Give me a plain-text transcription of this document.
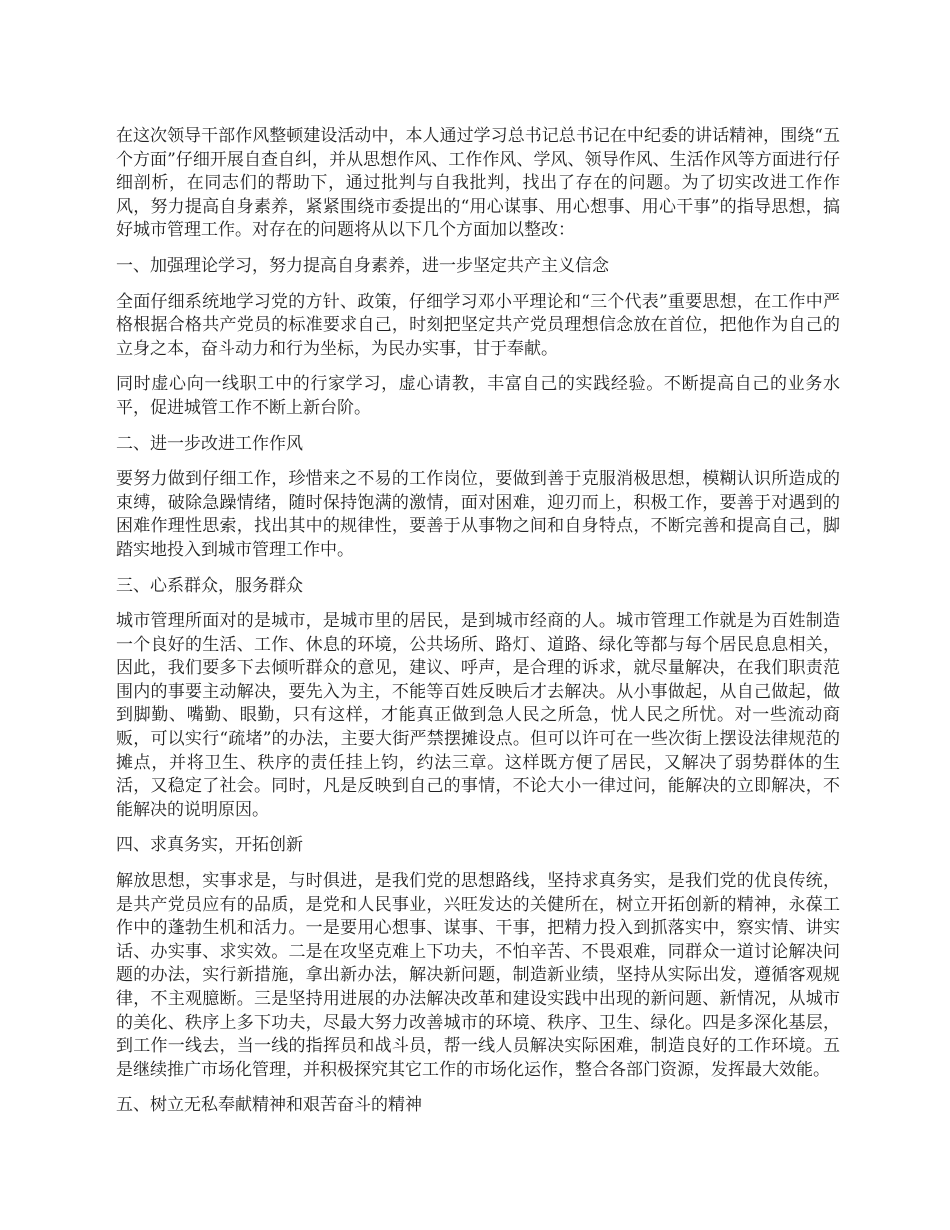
在这次领导干部作风整顿建设活动中，本人通过学习总书记总书记在中纪委的讲话精神，围绕“五个方面”仔细开展自查自纠，并从思想作风、工作作风、学风、领导作风、生活作风等方面进行仔细剖析，在同志们的帮助下，通过批判与自我批判，找出了存在的问题。为了切实改进工作作风，努力提高自身素养，紧紧围绕市委提出的“用心谋事、用心想事、用心干事”的指导思想，搞好城市管理工作。对存在的问题将从以下几个方面加以整改：

一、加强理论学习，努力提高自身素养，进一步坚定共产主义信念

全面仔细系统地学习党的方针、政策，仔细学习邓小平理论和“三个代表”重要思想，在工作中严格根据合格共产党员的标准要求自己，时刻把坚定共产党员理想信念放在首位，把他作为自己的立身之本，奋斗动力和行为坐标，为民办实事，甘于奉献。

同时虚心向一线职工中的行家学习，虚心请教，丰富自己的实践经验。不断提高自己的业务水平，促进城管工作不断上新台阶。

二、进一步改进工作作风

要努力做到仔细工作，珍惜来之不易的工作岗位，要做到善于克服消极思想，模糊认识所造成的束缚，破除急躁情绪，随时保持饱满的激情，面对困难，迎刃而上，积极工作，要善于对遇到的困难作理性思索，找出其中的规律性，要善于从事物之间和自身特点，不断完善和提高自己，脚踏实地投入到城市管理工作中。

三、心系群众，服务群众

城市管理所面对的是城市，是城市里的居民，是到城市经商的人。城市管理工作就是为百姓制造一个良好的生活、工作、休息的环境，公共场所、路灯、道路、绿化等都与每个居民息息相关，因此，我们要多下去倾听群众的意见，建议、呼声，是合理的诉求，就尽量解决，在我们职责范围内的事要主动解决，要先入为主，不能等百姓反映后才去解决。从小事做起，从自己做起，做到脚勤、嘴勤、眼勤，只有这样，才能真正做到急人民之所急，忧人民之所忧。对一些流动商贩，可以实行“疏堵”的办法，主要大街严禁摆摊设点。但可以许可在一些次街上摆设法律规范的摊点，并将卫生、秩序的责任挂上钧，约法三章。这样既方便了居民，又解决了弱势群体的生活，又稳定了社会。同时，凡是反映到自己的事情，不论大小一律过问，能解决的立即解决，不能解决的说明原因。

四、求真务实，开拓创新

解放思想，实事求是，与时俱进，是我们党的思想路线，坚持求真务实，是我们党的优良传统，是共产党员应有的品质，是党和人民事业，兴旺发达的关健所在，树立开拓创新的精神，永葆工作中的蓬勃生机和活力。一是要用心想事、谋事、干事，把精力投入到抓落实中，察实情、讲实话、办实事、求实效。二是在攻坚克难上下功夫，不怕辛苦、不畏艰难，同群众一道讨论解决问题的办法，实行新措施，拿出新办法，解决新问题，制造新业绩，坚持从实际出发，遵循客观规律，不主观臆断。三是坚持用进展的办法解决改革和建设实践中出现的新问题、新情况，从城市的美化、秩序上多下功夫，尽最大努力改善城市的环境、秩序、卫生、绿化。四是多深化基层，到工作一线去，当一线的指挥员和战斗员，帮一线人员解决实际困难，制造良好的工作环境。五是继续推广市场化管理，并积极探究其它工作的市场化运作，整合各部门资源，发挥最大效能。

五、树立无私奉献精神和艰苦奋斗的精神
